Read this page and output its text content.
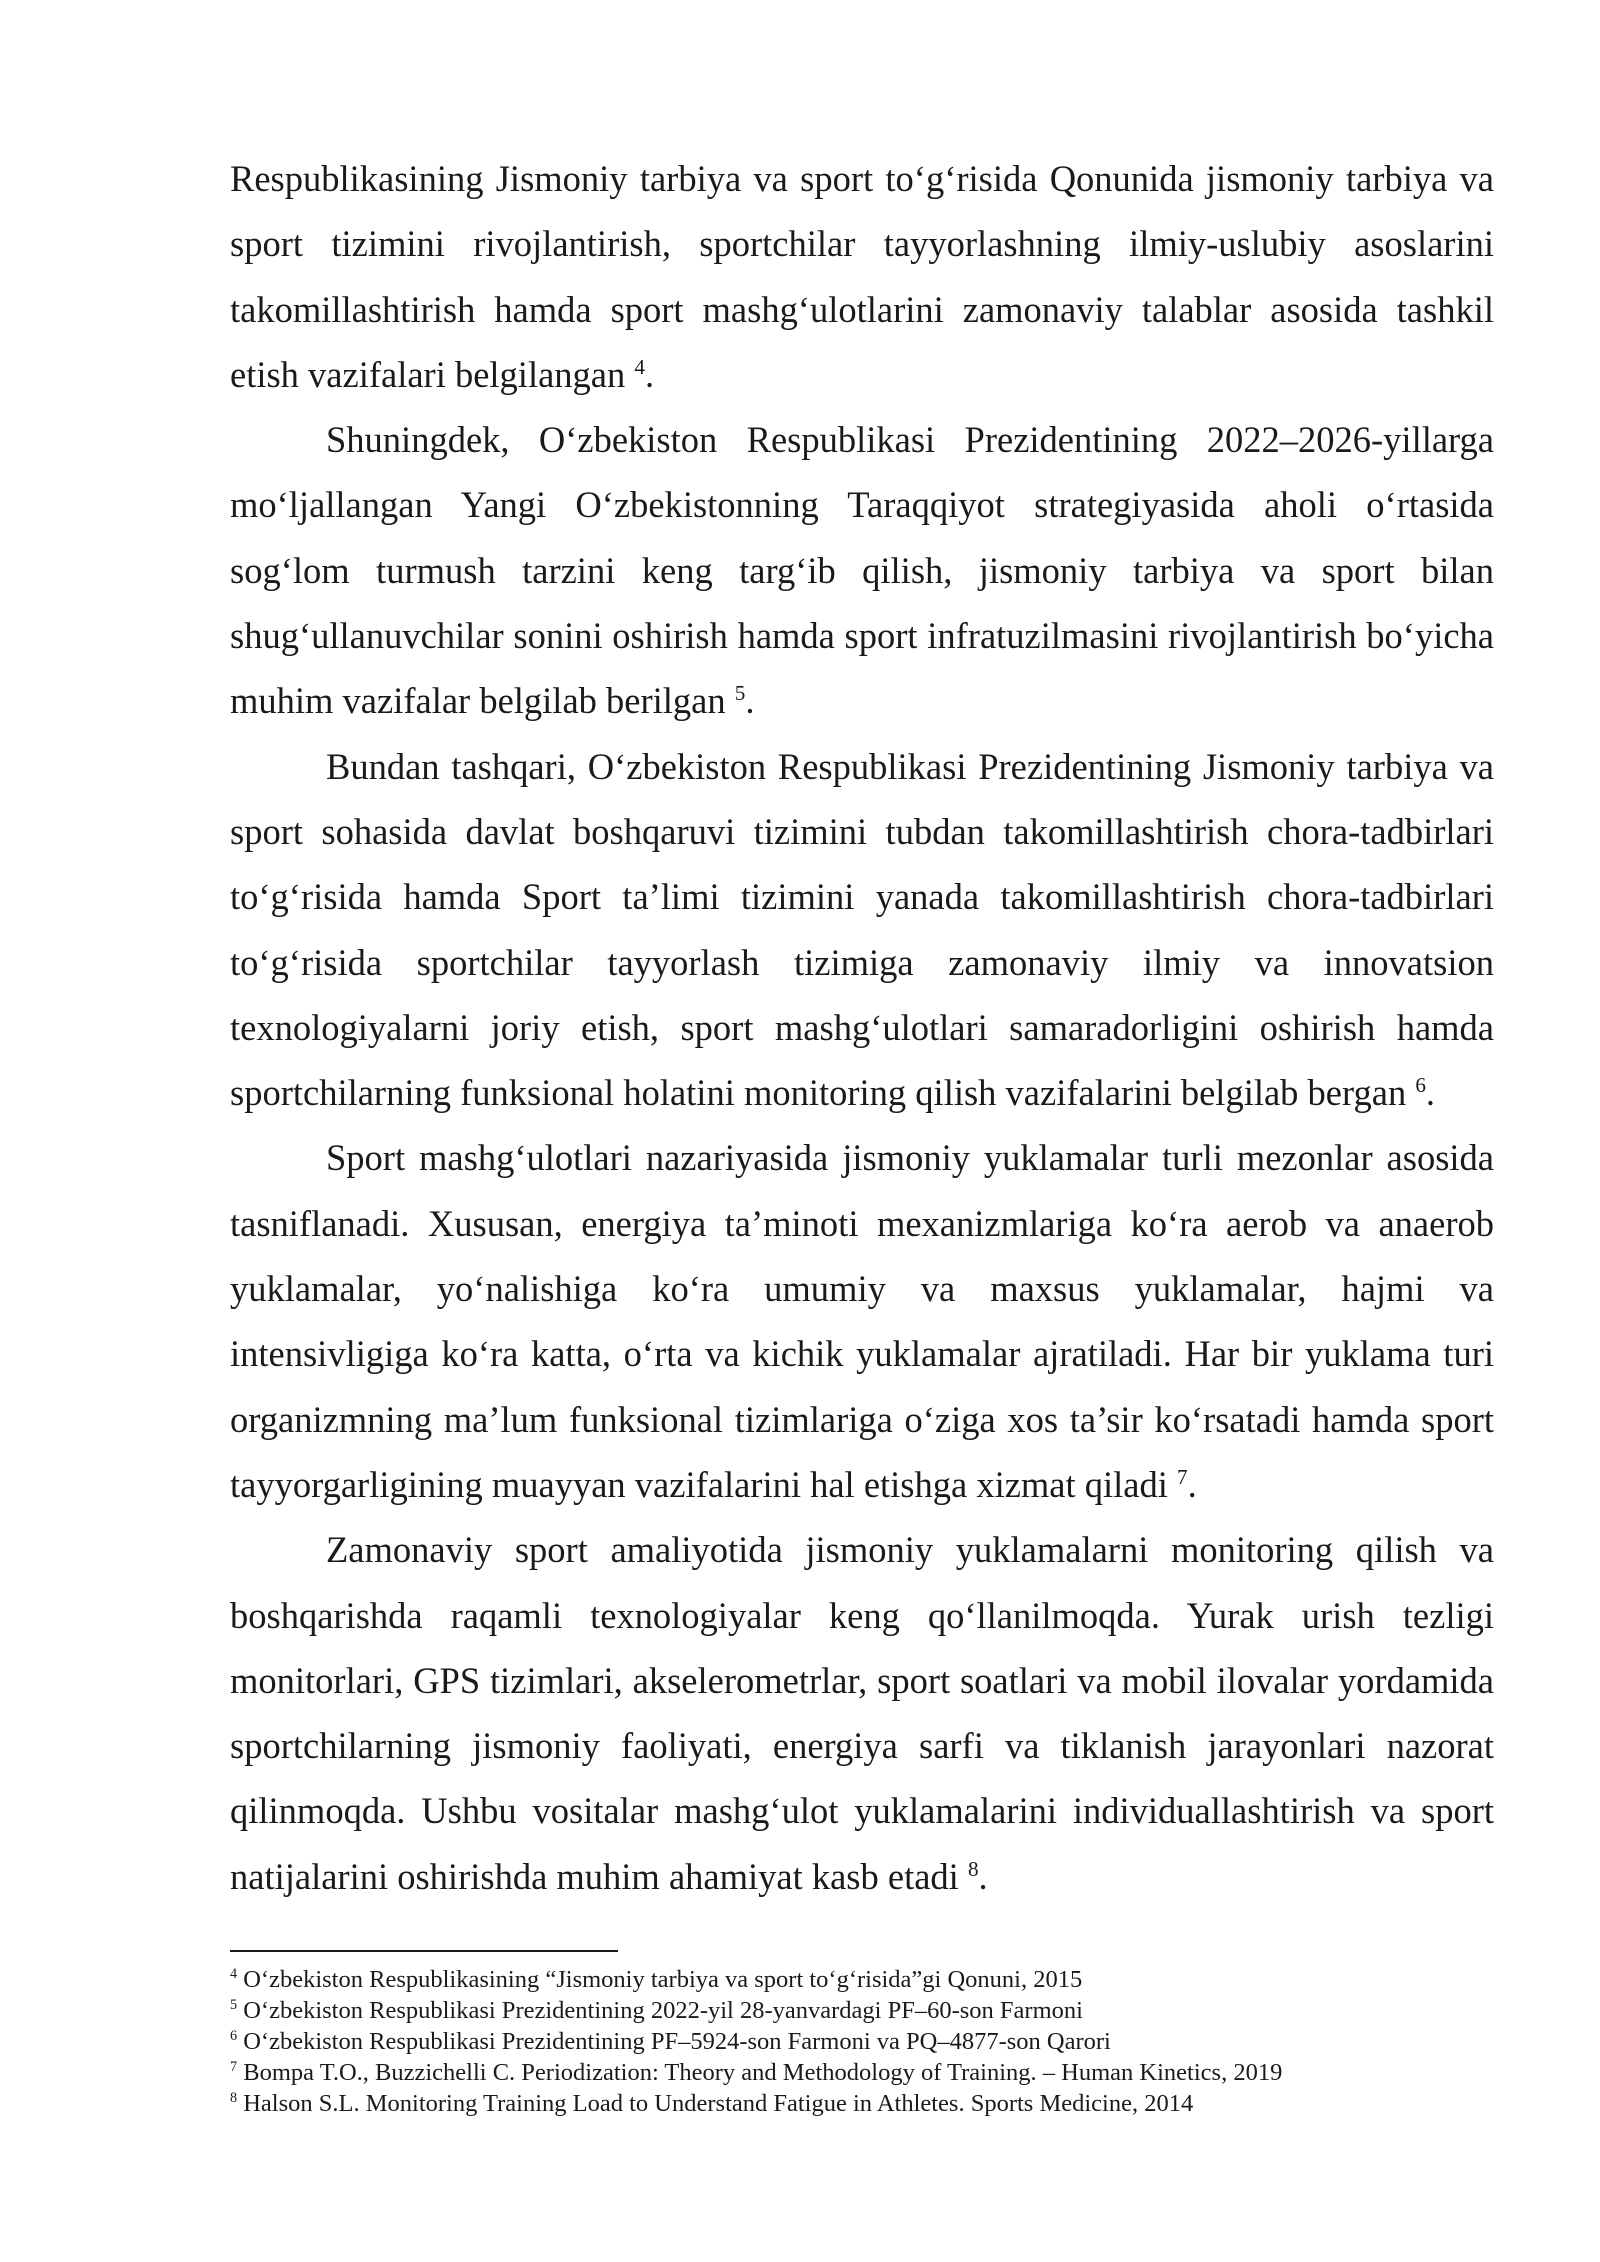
Respublikasining Jismoniy tarbiya va sport to‘g‘risida Qonunida jismoniy tarbiya va sport tizimini rivojlantirish, sportchilar tayyorlashning ilmiy-uslubiy asoslarini takomillashtirish hamda sport mashg‘ulotlarini zamonaviy talablar asosida tashkil etish vazifalari belgilangan $^4$.

Shuningdek, O‘zbekiston Respublikasi Prezidentining 2022–2026-yillarga mo‘ljallangan Yangi O‘zbekistonning Taraqqiyot strategiyasida aholi o‘rtasida sog‘lom turmush tarzini keng targ‘ib qilish, jismoniy tarbiya va sport bilan shug‘ullanuvchilar sonini oshirish hamda sport infratuzilmasini rivojlantirish bo‘yicha muhim vazifalar belgilab berilgan $^5$.

Bundan tashqari, O‘zbekiston Respublikasi Prezidentining Jismoniy tarbiya va sport sohasida davlat boshqaruvi tizimini tubdan takomillashtirish chora-tadbirlari to‘g‘risida hamda Sport ta’limi tizimini yanada takomillashtirish chora-tadbirlari to‘g‘risida sportchilar tayyorlash tizimiga zamonaviy ilmiy va innovatsion texnologiyalarni joriy etish, sport mashg‘ulotlari samaradorligini oshirish hamda sportchilarning funksional holatini monitoring qilish vazifalarini belgilab bergan $^6$.

Sport mashg‘ulotlari nazariyasida jismoniy yuklamalar turli mezonlar asosida tasniflanadi. Xususan, energiya ta’minoti mexanizmlariga ko‘ra aerob va anaerob yuklamalar, yo‘nalishiga ko‘ra umumiy va maxsus yuklamalar, hajmi va intensivligiga ko‘ra katta, o‘rta va kichik yuklamalar ajratiladi. Har bir yuklama turi organizmning ma’lum funksional tizimlariga o‘ziga xos ta’sir ko‘rsatadi hamda sport tayyorgarligining muayyan vazifalarini hal etishga xizmat qiladi $^7$.

Zamonaviy sport amaliyotida jismoniy yuklamalarni monitoring qilish va boshqarishda raqamli texnologiyalar keng qo‘llanilmoqda. Yurak urish tezligi monitorlari, GPS tizimlari, akselerometrlar, sport soatlari va mobil ilovalar yordamida sportchilarning jismoniy faoliyati, energiya sarfi va tiklanish jarayonlari nazorat qilinmoqda. Ushbu vositalar mashg‘ulot yuklamalarini individuallashtirish va sport natijalarini oshirishda muhim ahamiyat kasb etadi $^8$.

$^4$ O‘zbekiston Respublikasining “Jismoniy tarbiya va sport to‘g‘risida”gi Qonuni, 2015

$^5$ O‘zbekiston Respublikasi Prezidentining 2022-yil 28-yanvardagi PF–60-son Farmoni

$^6$ O‘zbekiston Respublikasi Prezidentining PF–5924-son Farmoni va PQ–4877-son Qarori

$^7$ Bompa T.O., Buzzichelli C. Periodization: Theory and Methodology of Training. – Human Kinetics, 2019

$^8$ Halson S.L. Monitoring Training Load to Understand Fatigue in Athletes. Sports Medicine, 2014
